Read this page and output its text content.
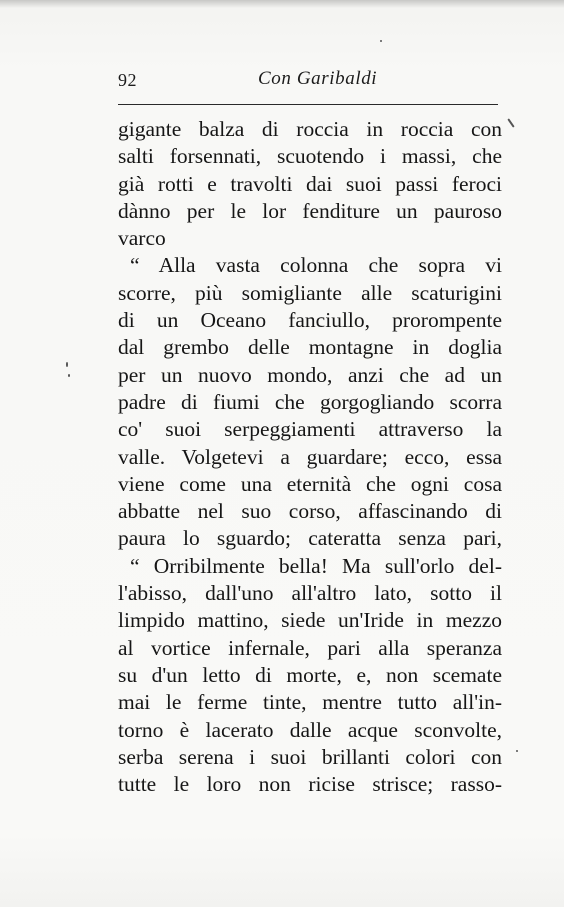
92	Con Garibaldi
gigante balza di roccia in roccia con
salti forsennati, scuotendo i massi, che
già rotti e travolti dai suoi passi feroci
dànno per le lor fenditure un pauroso
varco
“ Alla vasta colonna che sopra vi
scorre, più somigliante alle scaturigini
di un Oceano fanciullo, prorompente
dal grembo delle montagne in doglia
per un nuovo mondo, anzi che ad un
padre di fiumi che gorgogliando scorra
co' suoi serpeggiamenti attraverso la
valle. Volgetevi a guardare; ecco, essa
viene come una eternità che ogni cosa
abbatte nel suo corso, affascinando di
paura lo sguardo; cateratta senza pari,
“ Orribilmente bella! Ma sull'orlo del-
l'abisso, dall'uno all'altro lato, sotto il
limpido mattino, siede un'Iride in mezzo
al vortice infernale, pari alla speranza
su d'un letto di morte, e, non scemate
mai le ferme tinte, mentre tutto all'in-
torno è lacerato dalle acque sconvolte,
serba serena i suoi brillanti colori con
tutte le loro non ricise strisce; rasso-
